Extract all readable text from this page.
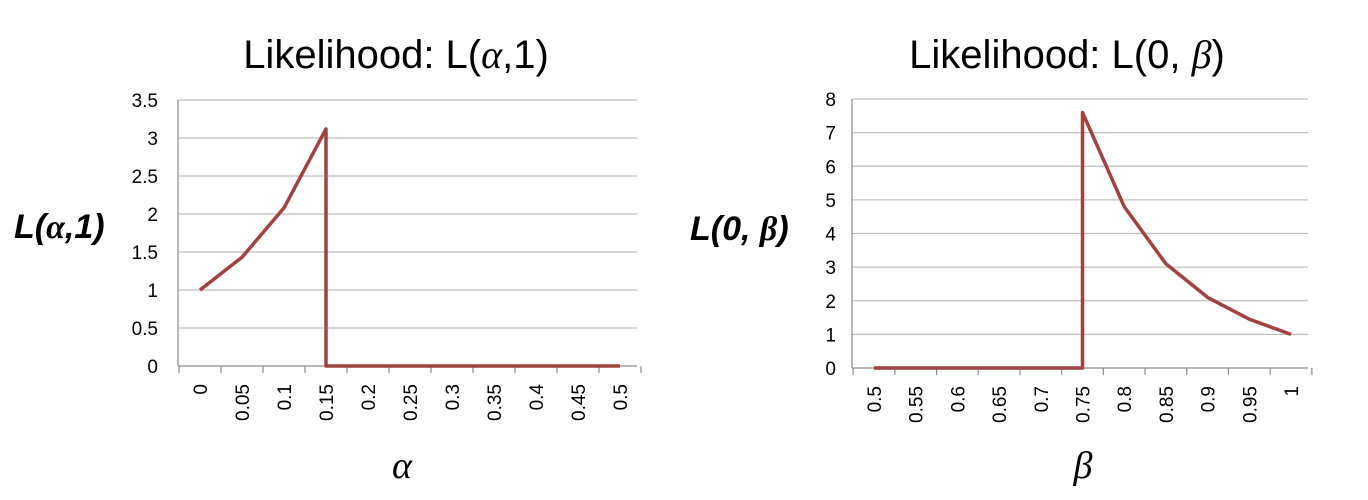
Likelihood: L(α,1)
L(α,1)
α
0
0.5
1
1.5
2
2.5
3
3.5
0 0.05 0.1 0.15 0.2 0.25 0.3 0.35 0.4 0.45 0.5
Likelihood: L(0, β)
L(0, β)
β
0
1
2
3
4
5
6
7
8
0.5 0.55 0.6 0.65 0.7 0.75 0.8 0.85 0.9 0.95 1
